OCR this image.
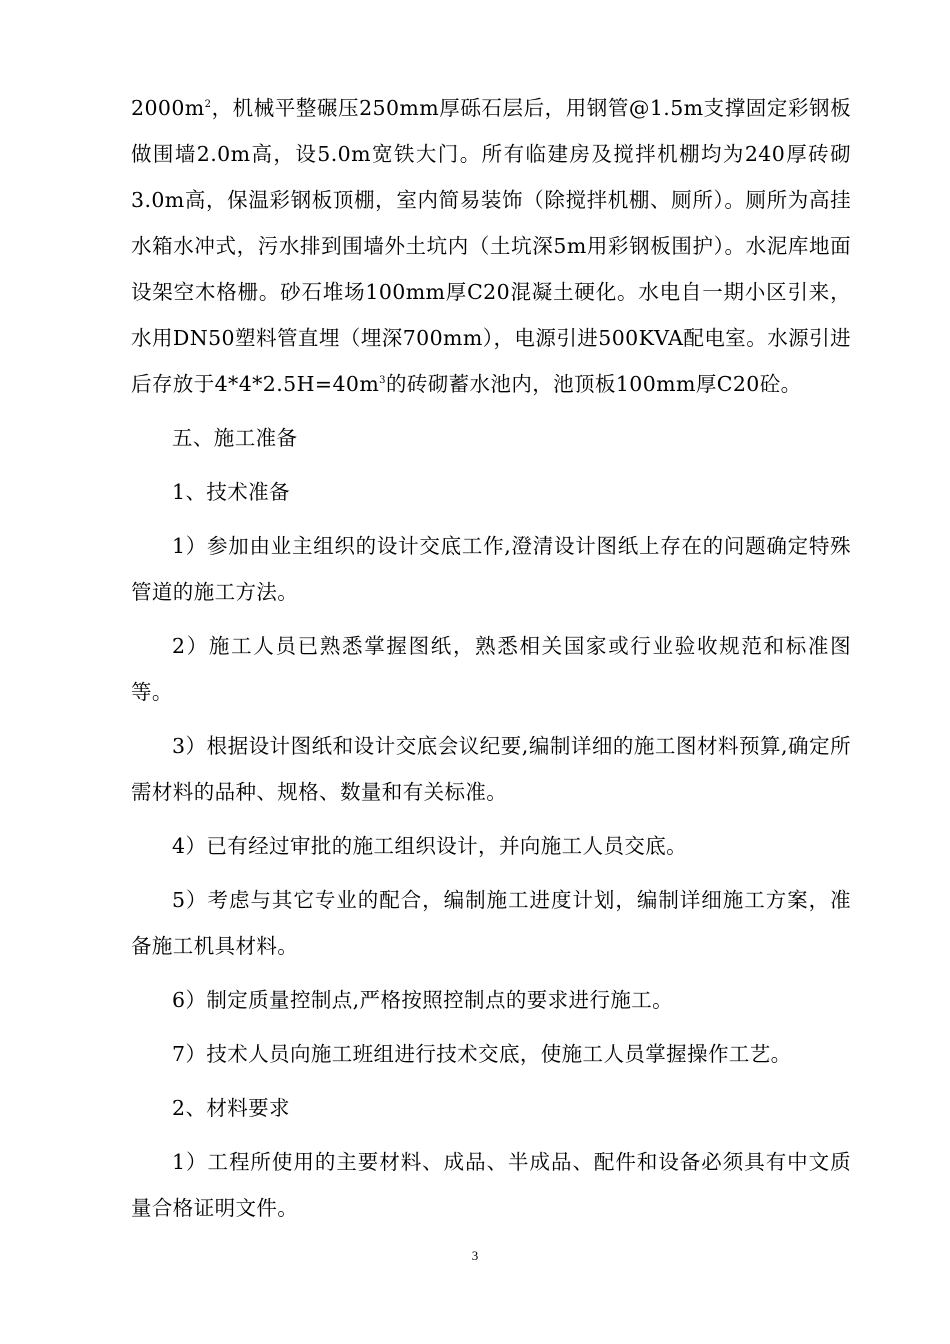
$2000m^2$，机械平整碾压250mm厚砾石层后，用钢管@1.5m支撑固定彩钢板做围墙2.0m高，设5.0m宽铁大门。所有临建房及搅拌机棚均为240厚砖砌3.0m高，保温彩钢板顶棚，室内简易装饰（除搅拌机棚、厕所）。厕所为高挂水箱水冲式，污水排到围墙外土坑内（土坑深5m用彩钢板围护）。水泥库地面设架空木格栅。砂石堆场100mm厚C20混凝土硬化。水电自一期小区引来，水用DN50塑料管直埋（埋深700mm），电源引进500KVA配电室。水源引进后存放于$4*4*2.5H=40m^3$的砖砌蓄水池内，池顶板100mm厚C20砼。

五、施工准备

1、技术准备

1）参加由业主组织的设计交底工作,澄清设计图纸上存在的问题确定特殊管道的施工方法。

2）施工人员已熟悉掌握图纸，熟悉相关国家或行业验收规范和标准图等。

3）根据设计图纸和设计交底会议纪要,编制详细的施工图材料预算,确定所需材料的品种、规格、数量和有关标准。

4）已有经过审批的施工组织设计，并向施工人员交底。

5）考虑与其它专业的配合，编制施工进度计划，编制详细施工方案，准备施工机具材料。

6）制定质量控制点,严格按照控制点的要求进行施工。

7）技术人员向施工班组进行技术交底，使施工人员掌握操作工艺。

2、材料要求

1）工程所使用的主要材料、成品、半成品、配件和设备必须具有中文质量合格证明文件。

3
